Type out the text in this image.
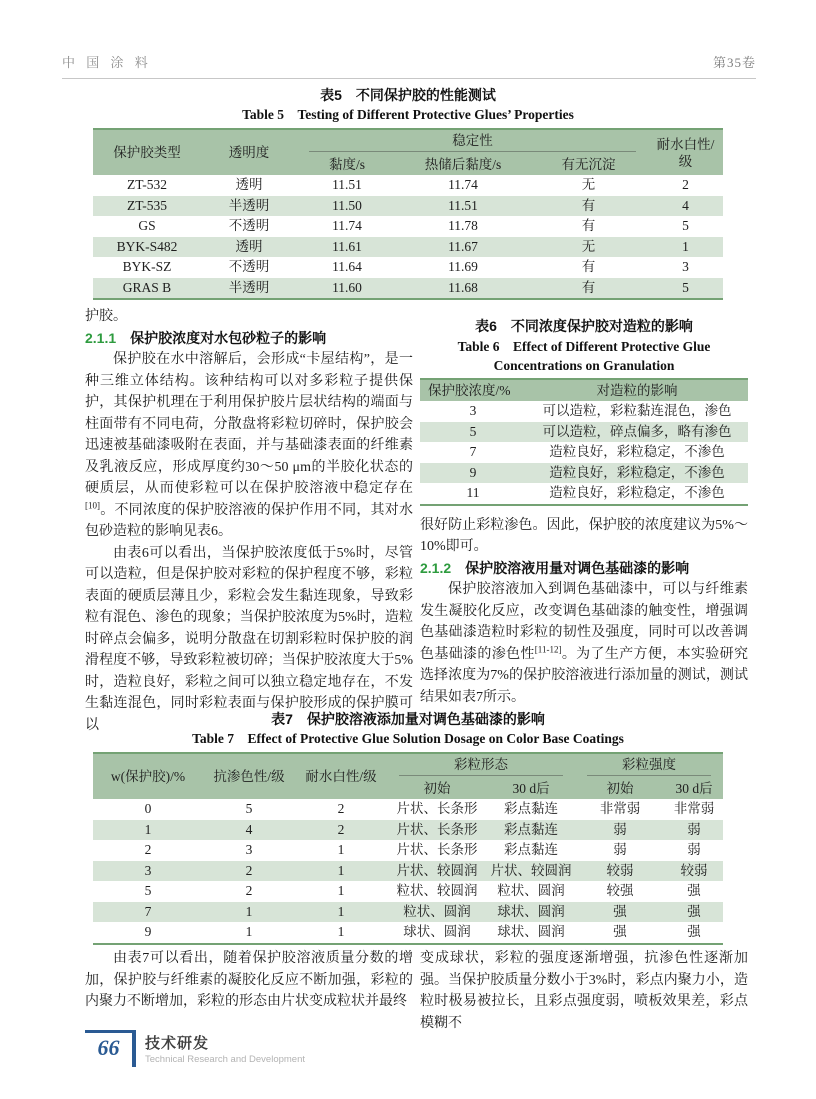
中 国 涂 料	第35卷
表5　不同保护胶的性能测试
Table 5　Testing of Different Protective Glues’ Properties
保护胶类型	透明度	稳定性			耐水白性/级
		黏度/s	热储后黏度/s	有无沉淀	
ZT-532	透明	11.51	11.74	无	2
ZT-535	半透明	11.50	11.51	有	4
GS	不透明	11.74	11.78	有	5
BYK-S482	透明	11.61	11.67	无	1
BYK-SZ	不透明	11.64	11.69	有	3
GRAS B	半透明	11.60	11.68	有	5

护胶。

2.1.1 保护胶浓度对水包砂粒子的影响

保护胶在水中溶解后，会形成“卡屋结构”，是一种三维立体结构。该种结构可以对多彩粒子提供保护，其保护机理在于利用保护胶片层状结构的端面与柱面带有不同电荷，分散盘将彩粒切碎时，保护胶会迅速被基础漆吸附在表面，并与基础漆表面的纤维素及乳液反应，形成厚度约30～50 μm的半胶化状态的硬质层，从而使彩粒可以在保护胶溶液中稳定存在[10]。不同浓度的保护胶溶液的保护作用不同，其对水包砂造粒的影响见表6。

由表6可以看出，当保护胶浓度低于5%时，尽管可以造粒，但是保护胶对彩粒的保护程度不够，彩粒表面的硬质层薄且少，彩粒会发生黏连现象，导致彩粒有混色、渗色的现象；当保护胶浓度为5%时，造粒时碎点会偏多，说明分散盘在切割彩粒时保护胶的润滑程度不够，导致彩粒被切碎；当保护胶浓度大于5%时，造粒良好，彩粒之间可以独立稳定地存在，不发生黏连混色，同时彩粒表面与保护胶形成的保护膜可以

表6　不同浓度保护胶对造粒的影响
Table 6　Effect of Different Protective Glue
Concentrations on Granulation
保护胶浓度/%	对造粒的影响
3	可以造粒，彩粒黏连混色，渗色
5	可以造粒，碎点偏多，略有渗色
7	造粒良好，彩粒稳定，不渗色
9	造粒良好，彩粒稳定，不渗色
11	造粒良好，彩粒稳定，不渗色

很好防止彩粒渗色。因此，保护胶的浓度建议为5%～10%即可。

2.1.2 保护胶溶液用量对调色基础漆的影响

保护胶溶液加入到调色基础漆中，可以与纤维素发生凝胶化反应，改变调色基础漆的触变性，增强调色基础漆造粒时彩粒的韧性及强度，同时可以改善调色基础漆的渗色性[11-12]。为了生产方便，本实验研究选择浓度为7%的保护胶溶液进行添加量的测试，测试结果如表7所示。

表7　保护胶溶液添加量对调色基础漆的影响
Table 7　Effect of Protective Glue Solution Dosage on Color Base Coatings
w(保护胶)/%	抗渗色性/级	耐水白性/级	彩粒形态		彩粒强度	

			初始	30 d后	初始	30 d后
0	5	2	片状、长条形	彩点黏连	非常弱	非常弱
1	4	2	片状、长条形	彩点黏连	弱	弱
2	3	1	片状、长条形	彩点黏连	弱	弱
3	2	1	片状、较圆润	片状、较圆润	较弱	较弱
5	2	1	粒状、较圆润	粒状、圆润	较强	强
7	1	1	粒状、圆润	球状、圆润	强	强
9	1	1	球状、圆润	球状、圆润	强	强

由表7可以看出，随着保护胶溶液质量分数的增加，保护胶与纤维素的凝胶化反应不断加强，彩粒的内聚力不断增加，彩粒的形态由片状变成粒状并最终

变成球状，彩粒的强度逐渐增强，抗渗色性逐渐加强。当保护胶质量分数小于3%时，彩点内聚力小，造粒时极易被拉长，且彩点强度弱，喷板效果差，彩点模糊不

66	技术研发
Technical Research and Development
